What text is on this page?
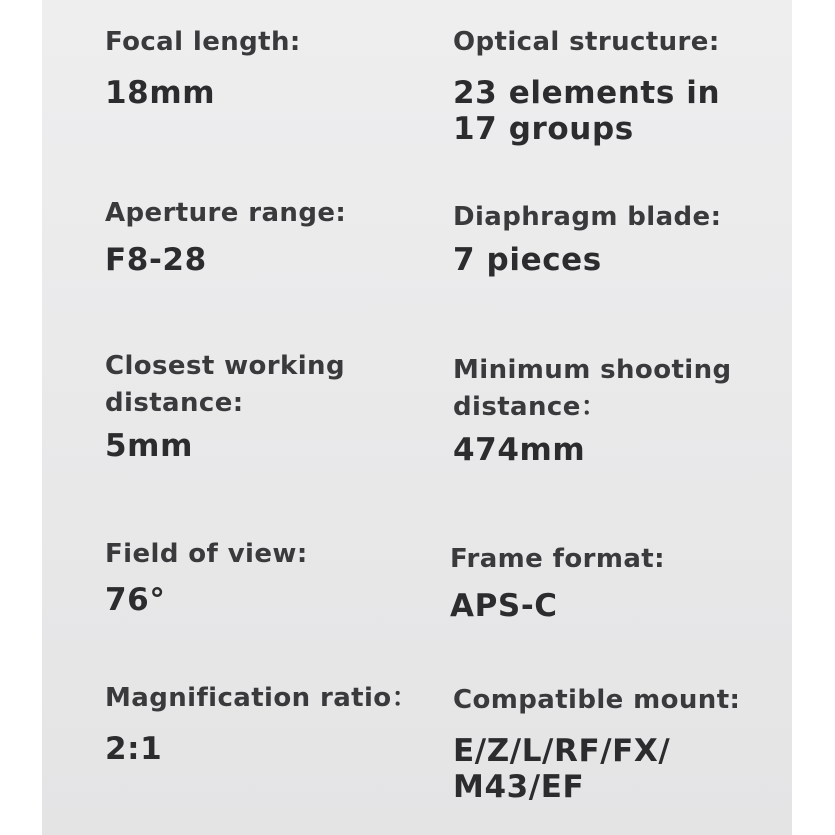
Focal length:
18mm
Optical structure:
23 elements in
17 groups
Aperture range:
F8-28
Diaphragm blade:
7 pieces
Closest working
distance:
5mm
Minimum shooting
distance：
474mm
Field of view:
76°
Frame format:
APS-C
Magnification ratio：
2:1
Compatible mount:
E/Z/L/RF/FX/
M43/EF
